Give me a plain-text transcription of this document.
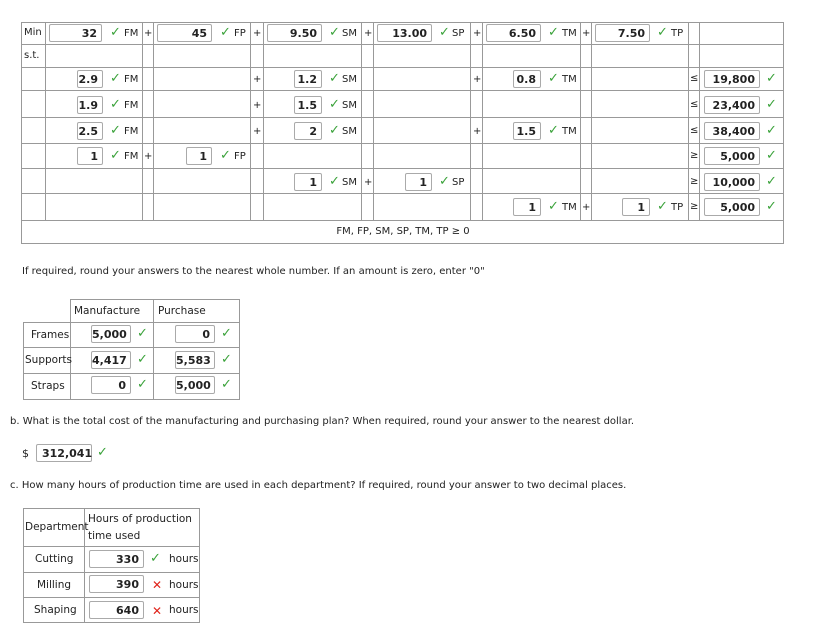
Min
s.t.
32	✓ FM +	45	✓ FP +	9.50 ✓ SM +	13.00 ✓ SP +	6.50 ✓ TM +	7.50 ✓ TP
2.9 ✓ FM	+	1.2 ✓ SM	+	0.8 ✓ TM	≤	19,800 ✓
1.9 ✓ FM	+	1.5 ✓ SM	≤	23,400 ✓
2.5 ✓ FM	+	2 ✓ SM	+	1.5 ✓ TM	≤	38,400 ✓
1 ✓ FM +	1	✓ FP	≥	5,000 ✓
1 ✓ SM +	1 ✓ SP	≥	10,000 ✓
1 ✓ TM +	1 ✓ TP ≥	5,000 ✓
FM, FP, SM, SP, TM, TP ≥ 0
If required, round your answers to the nearest whole number. If an amount is zero, enter "0"
Manufacture Purchase
Frames 5,000 ✓	0 ✓
Supports 4,417 ✓	5,583 ✓
Straps	0 ✓	5,000 ✓
b. What is the total cost of the manufacturing and purchasing plan? When required, round your answer to the nearest dollar.
$	312,041 ✓
c. How many hours of production time are used in each department? If required, round your answer to two decimal places.
Department
Hours of production
time used
Cutting	330 ✓ hours
Milling	390	✕ hours
Shaping	640	✕ hours
